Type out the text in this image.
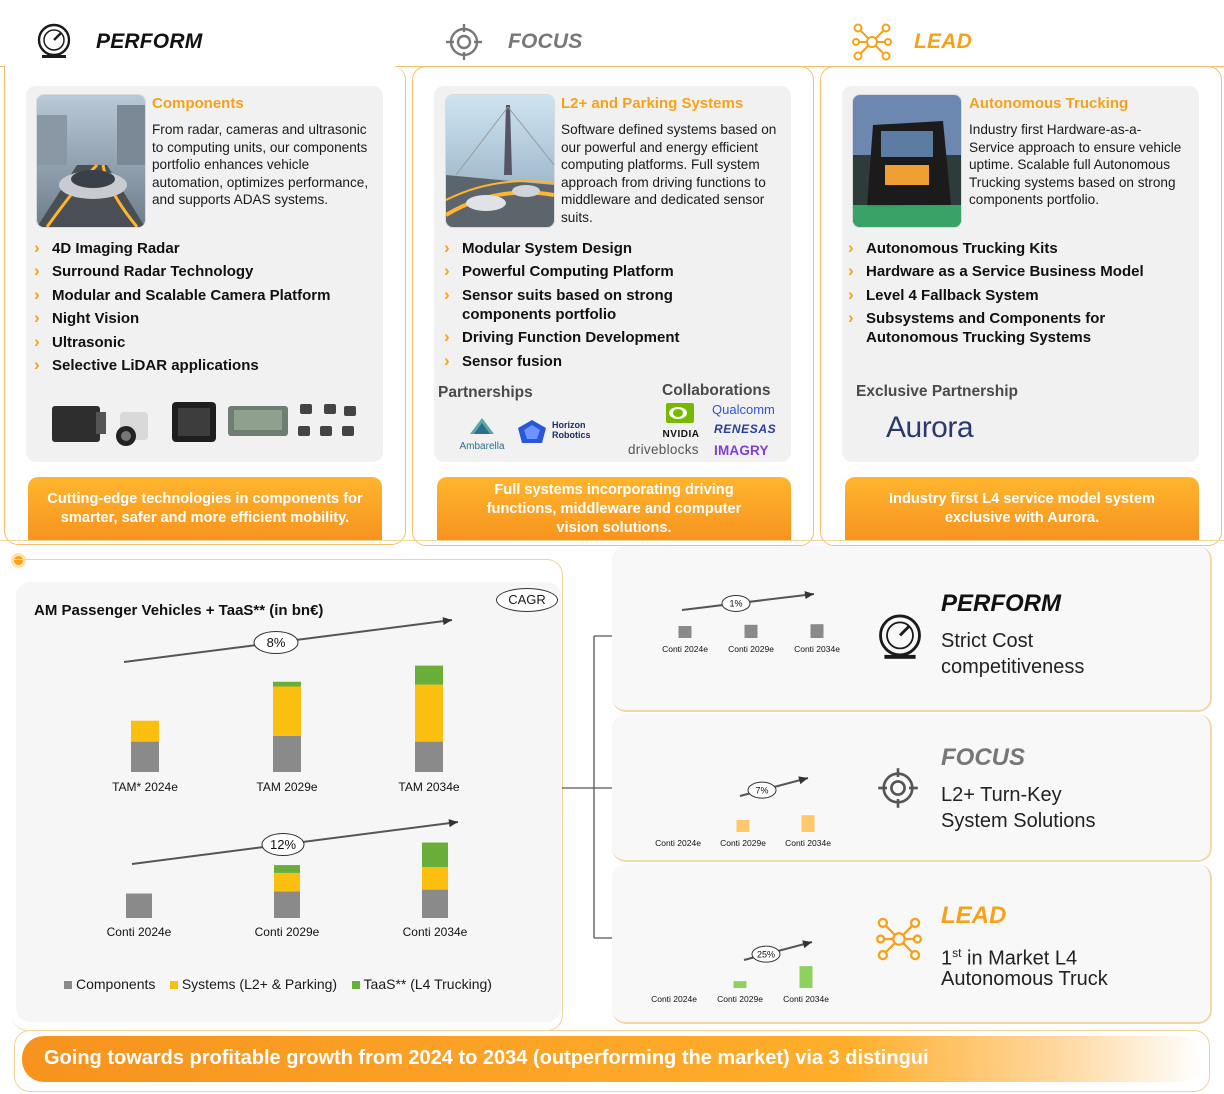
PERFORM	FOCUS	LEAD
Components
From radar, cameras and ultrasonic to computing units, our components portfolio enhances vehicle automation, optimizes performance, and supports ADAS systems.
› 4D Imaging Radar
› Surround Radar Technology
› Modular and Scalable Camera Platform
› Night Vision
› Ultrasonic
› Selective LiDAR applications
Cutting-edge technologies in components for smarter, safer and more efficient mobility.
L2+ and Parking Systems
Software defined systems based on our powerful and energy efficient computing platforms. Full system approach from driving functions to middleware and dedicated sensor suits.
› Modular System Design
› Powerful Computing Platform
› Sensor suits based on strong components portfolio
› Driving Function Development
› Sensor fusion
Partnerships	Collaborations
Ambarella
Horizon Robotics	NVIDIA
Qualcomm
RENESAS
driveblocks IMAGRY
Full systems incorporating driving functions, middleware and computer vision solutions.
Autonomous Trucking
Industry first Hardware-as-a-Service approach to ensure vehicle uptime. Scalable full Autonomous Trucking systems based on strong components portfolio.
› Autonomous Trucking Kits
› Hardware as a Service Business Model
› Level 4 Fallback System
› Subsystems and Components for Autonomous Trucking Systems
Exclusive Partnership
Aurora
Industry first L4 service model system exclusive with Aurora.
AM Passenger Vehicles + TaaS** (in bn€)
CAGR
TAM* 2024e	TAM 2029e	TAM 2034e
8%
Conti 2024e	Conti 2029e	Conti 2034e
12%
Components Systems (L2+ & Parking) TaaS** (L4 Trucking)
Conti 2024e Conti 2029e Conti 2034e
1%	PERFORM
Strict Cost
competitiveness
Conti 2024e Conti 2029e Conti 2034e
7%
FOCUS
L2+ Turn-Key
System Solutions
Conti 2024e Conti 2029e Conti 2034e
25%
LEAD
1st in Market L4
Autonomous Truck
Going towards profitable growth from 2024 to 2034 (outperforming the market) via 3 distingui
